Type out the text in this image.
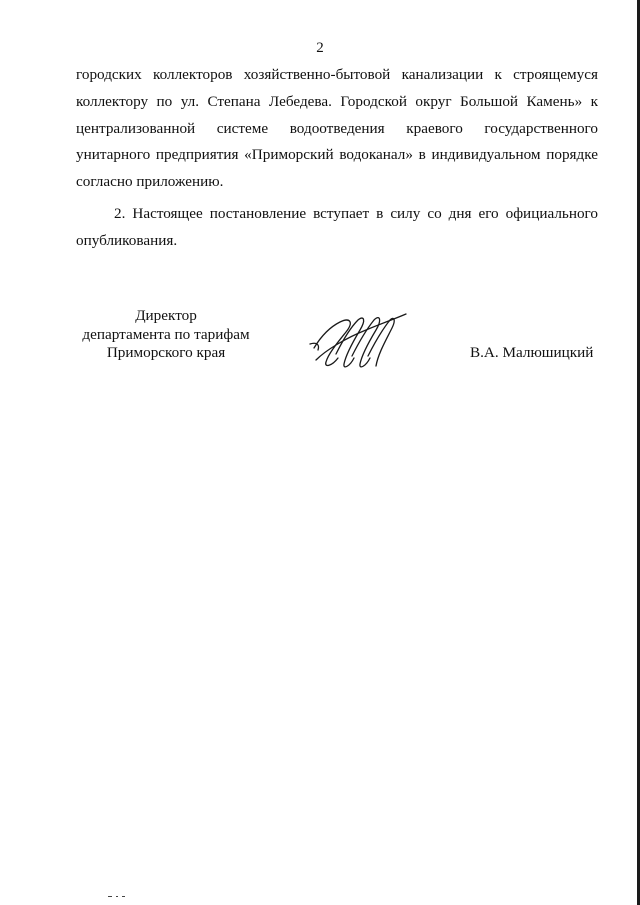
2
городских коллекторов хозяйственно-бытовой канализации к строящемуся
коллектору по ул. Степана Лебедева. Городской округ Большой Камень» к
централизованной системе водоотведения краевого государственного
унитарного предприятия «Приморский водоканал» в индивидуальном порядке
согласно приложению.
2. Настоящее постановление вступает в силу со дня его официального
опубликования.
Директор
департамента по тарифам
Приморского края	В.А. Малюшицкий
